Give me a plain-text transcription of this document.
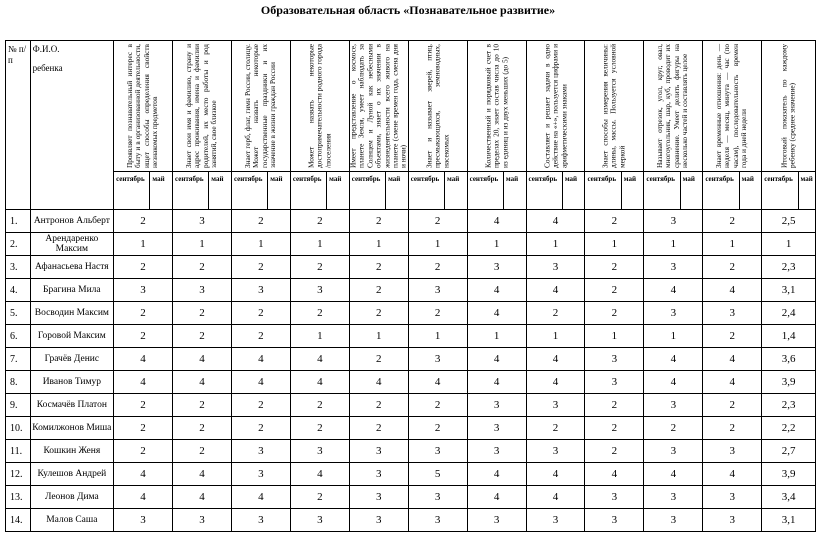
Образовательная область «Познавательное развитие»
№ п/п	Ф.И.О.
ребенка	Проявляет познавательный интерес в быту и в организованной деятельности, ищет способы определения свойств незнакомых предметов		Знает свои имя и фамилию, страну и адрес проживания, имена и фамилии родителей, их место работы и род занятий, свое близкое		Знает герб, флаг, гимн России, столицу. Может назвать некоторые государственные праздники и их значение в жизни граждан России		Может назвать некоторые достопримечательности родного города /поселения		Имеет представление о космосе, планете Земля, умеет наблюдать за Солнцем и Луной как небесными объектами, знает о их значении в жизнедеятельности всего живого на планете (смене времен года, смена дня и ночи)		Знает и называет зверей, птиц, пресмыкающихся, земноводных, насекомых		Количественный и порядковый счет в пределах 20, знает состав числа до 10 из единиц и из двух меньших (до 5)		Составляет и решает задачи в одно действие на «+», пользуется цифрами и арифметическими знаками		Знает способы измерения величины: длины, массы. Пользуется условной меркой		Называет отрезок, угол, круг, овал, многоугольник, шар, куб, проводит их сравнение. Умеет делить фигуры на несколько частей и составлять целое		Знает временные отношения: день — неделя — месяц, минута — час (по часам), последовательность времен года и дней недели		Итоговый показатель по каждому ребенку (среднее значение)	

		сентябрь	май	сентябрь	май	сентябрь	май	сентябрь	май	сентябрь	май	сентябрь	май	сентябрь	май	сентябрь	май	сентябрь	май	сентябрь	май	сентябрь	май	сентябрь	май
1.	Антронов Альберт	2		3		2		2		2		2		4		4		2		3		2		2,5	
2.	Арендаренко Максим	1		1		1		1		1		1		1		1		1		1		1		1	
3.	Афанасьева Настя	2		2		2		2		2		2		3		3		2		3		2		2,3	
4.	Брагина Мила	3		3		3		3		2		3		4		4		2		4		4		3,1	
5.	Восводин Максим	2		2		2		2		2		2		4		2		2		3		3		2,4	
6.	Горовой Максим	2		2		2		1		1		1		1		1		1		1		2		1,4	
7.	Грачёв Денис	4		4		4		4		2		3		4		4		3		4		4		3,6	
8.	Иванов Тимур	4		4		4		4		4		4		4		4		3		4		4		3,9	
9.	Космачёв Платон	2		2		2		2		2		2		3		3		2		3		2		2,3	
10.	Комилжонов Миша	2		2		2		2		2		2		3		2		2		2		2		2,2	
11.	Кошкин Женя	2		2		3		3		3		3		3		3		2		3		3		2,7	
12.	Кулешов Андрей	4		4		3		4		3		5		4		4		4		4		4		3,9	
13.	Леонов Дима	4		4		4		2		3		3		4		4		3		3		3		3,4	
14.	Малов Саша	3		3		3		3		3		3		3		3		3		3		3		3,1	
